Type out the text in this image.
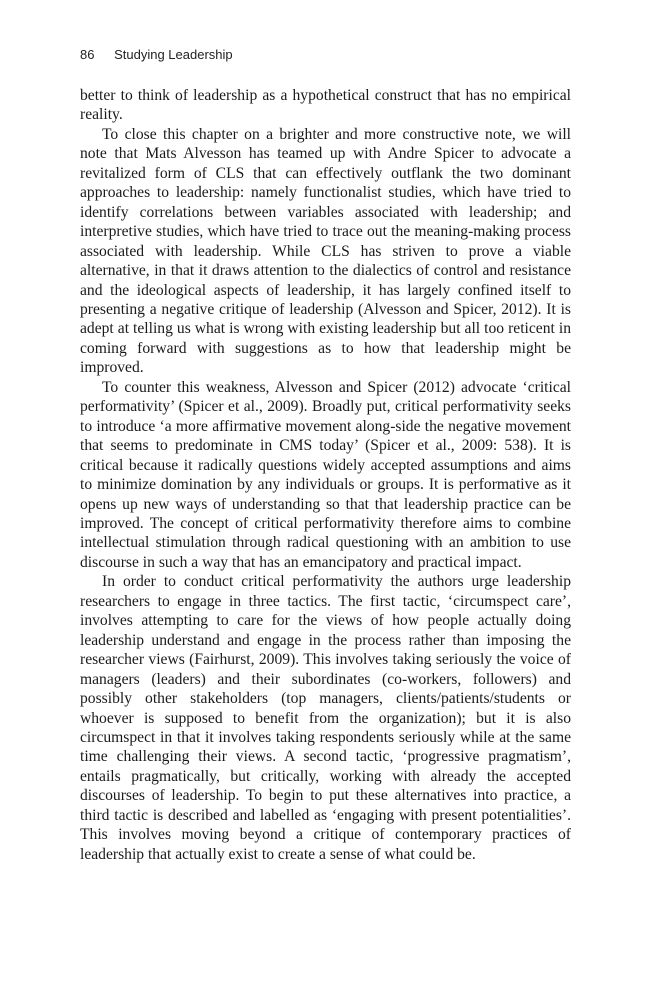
86 Studying Leadership

better to think of leadership as a hypothetical construct that has no empirical reality.

To close this chapter on a brighter and more constructive note, we will note that Mats Alvesson has teamed up with Andre Spicer to advocate a revitalized form of CLS that can effectively outflank the two dominant approaches to leadership: namely functionalist studies, which have tried to identify correlations between variables associated with leadership; and interpretive studies, which have tried to trace out the meaning-making process associated with leadership. While CLS has striven to prove a viable alternative, in that it draws attention to the dialectics of control and resistance and the ideological aspects of leadership, it has largely confined itself to presenting a negative critique of leadership (Alvesson and Spicer, 2012). It is adept at telling us what is wrong with existing leadership but all too reticent in coming forward with suggestions as to how that leadership might be improved.

To counter this weakness, Alvesson and Spicer (2012) advocate ‘critical performativity’ (Spicer et al., 2009). Broadly put, critical performativity seeks to introduce ‘a more affirmative movement along-side the negative movement that seems to predominate in CMS today’ (Spicer et al., 2009: 538). It is critical because it radically questions widely accepted assumptions and aims to minimize domination by any individuals or groups. It is performative as it opens up new ways of understanding so that that leadership practice can be improved. The concept of critical performativity therefore aims to combine intellectual stimulation through radical questioning with an ambition to use discourse in such a way that has an emancipatory and practical impact.

In order to conduct critical performativity the authors urge leadership researchers to engage in three tactics. The first tactic, ‘circumspect care’, involves attempting to care for the views of how people actually doing leadership understand and engage in the process rather than imposing the researcher views (Fairhurst, 2009). This involves taking seriously the voice of managers (leaders) and their subordinates (co-workers, followers) and possibly other stakeholders (top managers, clients/patients/students or whoever is supposed to benefit from the organization); but it is also circumspect in that it involves taking respondents seriously while at the same time challenging their views. A second tactic, ‘progressive pragmatism’, entails pragmatically, but critically, working with already the accepted discourses of leadership. To begin to put these alternatives into practice, a third tactic is described and labelled as ‘engaging with present potentialities’. This involves moving beyond a critique of contemporary practices of leadership that actually exist to create a sense of what could be.
